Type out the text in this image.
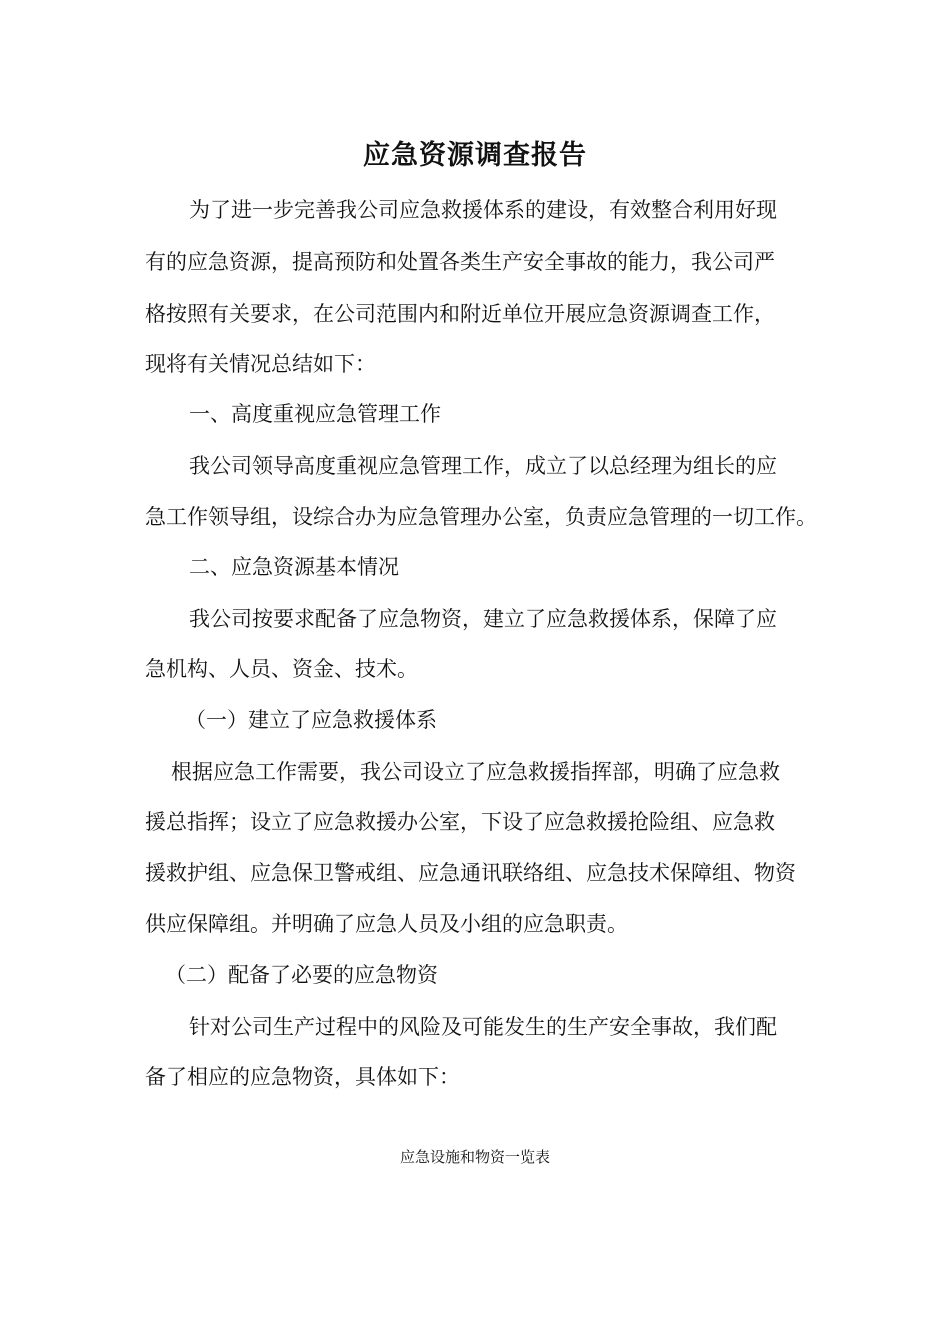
应急资源调查报告
为了进一步完善我公司应急救援体系的建设，有效整合利用好现
有的应急资源，提高预防和处置各类生产安全事故的能力，我公司严
格按照有关要求，在公司范围内和附近单位开展应急资源调查工作，
现将有关情况总结如下：
一、高度重视应急管理工作
我公司领导高度重视应急管理工作，成立了以总经理为组长的应
急工作领导组，设综合办为应急管理办公室，负责应急管理的一切工作。
二、应急资源基本情况
我公司按要求配备了应急物资，建立了应急救援体系，保障了应
急机构、人员、资金、技术。
（一）建立了应急救援体系
根据应急工作需要，我公司设立了应急救援指挥部，明确了应急救
援总指挥；设立了应急救援办公室，下设了应急救援抢险组、应急救
援救护组、应急保卫警戒组、应急通讯联络组、应急技术保障组、物资
供应保障组。并明确了应急人员及小组的应急职责。
（二）配备了必要的应急物资
针对公司生产过程中的风险及可能发生的生产安全事故，我们配
备了相应的应急物资，具体如下：
应急设施和物资一览表
